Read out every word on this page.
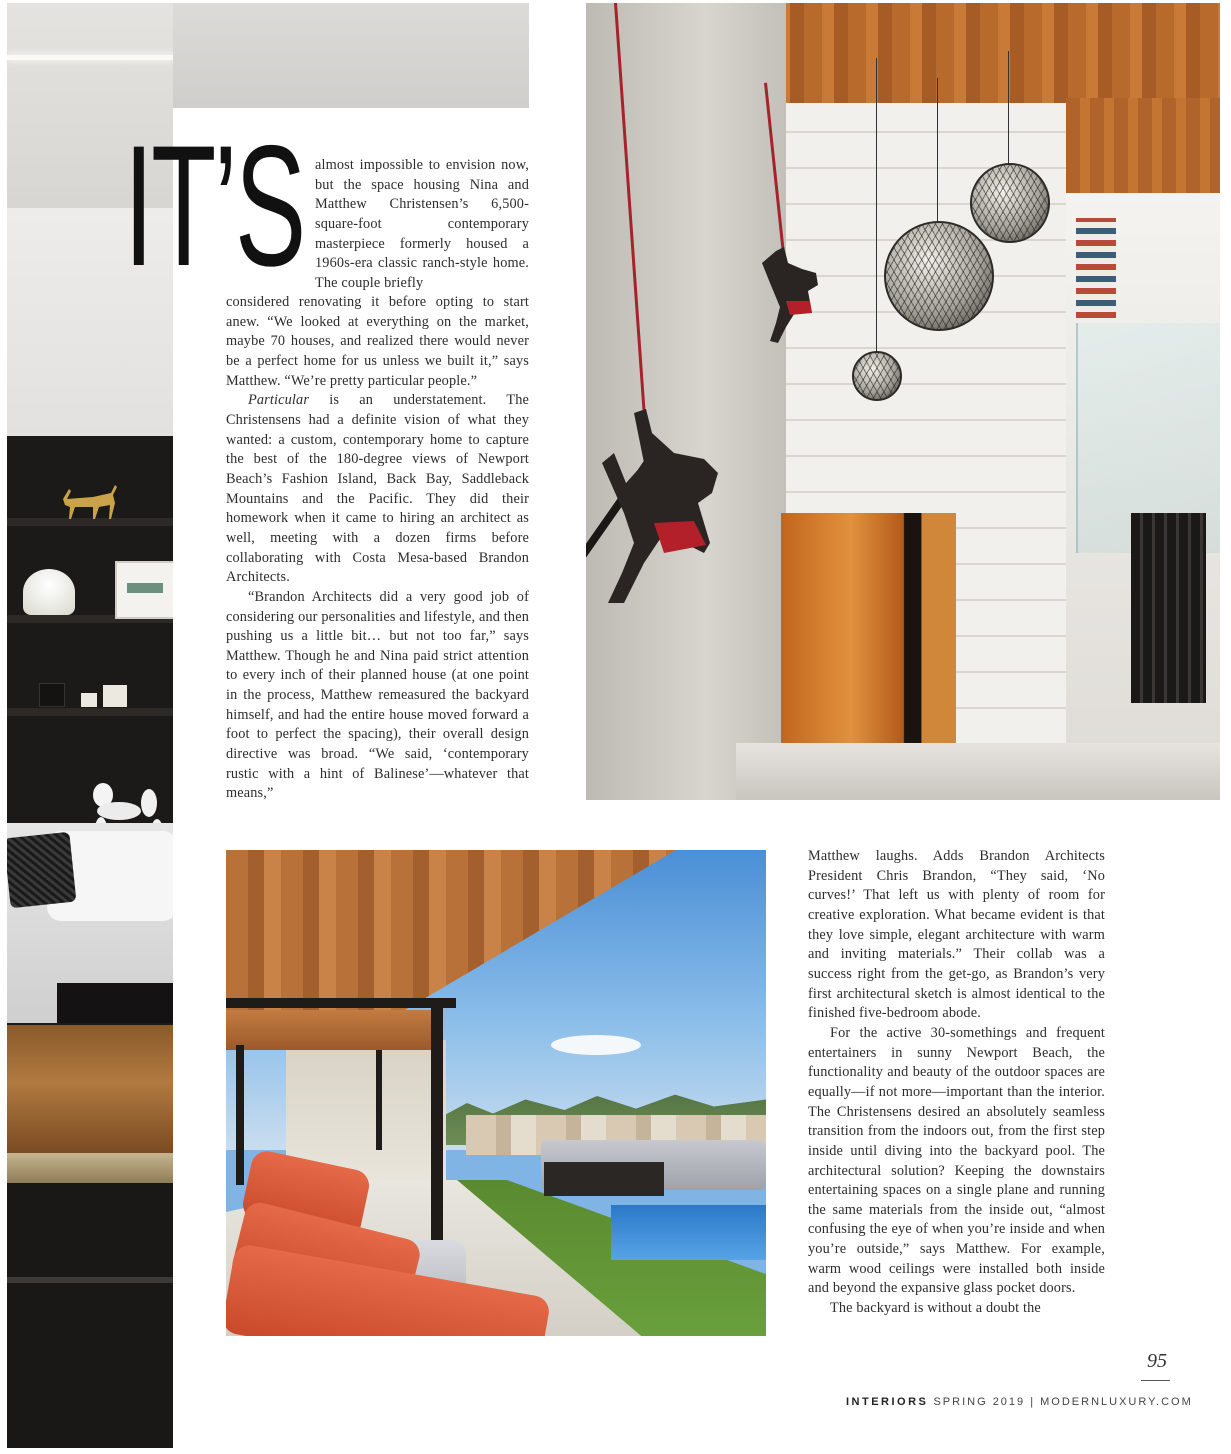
IT’S almost impossible to envision now, but the space housing Nina and Matthew Christensen’s 6,500-square-foot contemporary masterpiece formerly housed a 1960s-era classic ranch-style home. The couple briefly

considered renovating it before opting to start anew. “We looked at everything on the market, maybe 70 houses, and realized there would never be a perfect home for us unless we built it,” says Matthew. “We’re pretty particular people.”

Particular is an understatement. The Christensens had a definite vision of what they wanted: a custom, contemporary home to capture the best of the 180-degree views of Newport Beach’s Fashion Island, Back Bay, Saddleback Mountains and the Pacific. They did their homework when it came to hiring an architect as well, meeting with a dozen firms before collaborating with Costa Mesa-based Brandon Architects.

“Brandon Architects did a very good job of considering our personalities and lifestyle, and then pushing us a little bit… but not too far,” says Matthew. Though he and Nina paid strict attention to every inch of their planned house (at one point in the process, Matthew remeasured the backyard himself, and had the entire house moved forward a foot to perfect the spacing), their overall design directive was broad. “We said, ‘contemporary rustic with a hint of Balinese’—whatever that means,”

Matthew laughs. Adds Brandon Architects President Chris Brandon, “They said, ‘No curves!’ That left us with plenty of room for creative exploration. What became evident is that they love simple, elegant architecture with warm and inviting materials.” Their collab was a success right from the get-go, as Brandon’s very first architectural sketch is almost identical to the finished five-bedroom abode.

For the active 30-somethings and frequent entertainers in sunny Newport Beach, the functionality and beauty of the outdoor spaces are equally—if not more—important than the interior. The Christensens desired an absolutely seamless transition from the indoors out, from the first step inside until diving into the backyard pool. The architectural solution? Keeping the downstairs entertaining spaces on a single plane and running the same materials from the inside out, “almost confusing the eye of when you’re inside and when you’re outside,” says Matthew. For example, warm wood ceilings were installed both inside and beyond the expansive glass pocket doors.

The backyard is without a doubt the

95
INTERIORS SPRING 2019 | MODERNLUXURY.COM
